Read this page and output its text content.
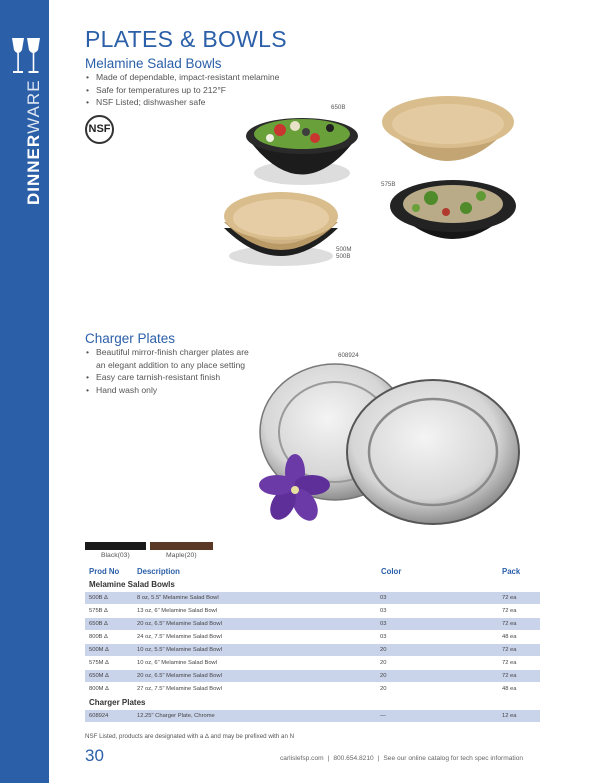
DINNERWARE
PLATES & BOWLS
Melamine Salad Bowls
• Made of dependable, impact-resistant melamine
• Safe for temperatures up to 212°F
• NSF Listed; dishwasher safe
NSF
650B
575B
500M
500B
Charger Plates
• Beautiful mirror-finish charger plates are
an elegant addition to any place setting
• Easy care tarnish-resistant finish
• Hand wash only
608924
Black(03)	Maple(20)
Prod No Description	Color	Pack
Melamine Salad Bowls
500B ∆	8 oz, 5.5" Melamine Salad Bowl	03	72 ea
575B ∆	13 oz, 6" Melamine Salad Bowl	03	72 ea
650B ∆	20 oz, 6.5" Melamine Salad Bowl	03	72 ea
800B ∆	24 oz, 7.5" Melamine Salad Bowl	03	48 ea
500M ∆	10 oz, 5.5" Melamine Salad Bowl	20	72 ea
575M ∆	10 oz, 6" Melamine Salad Bowl	20	72 ea
650M ∆	20 oz, 6.5" Melamine Salad Bowl	20	72 ea
800M ∆	27 oz, 7.5" Melamine Salad Bowl	20	48 ea
Charger Plates
608924	12.25" Charger Plate, Chrome	—	12 ea
NSF Listed, products are designated with a ∆ and may be prefixed with an N
30	carlislefsp.com | 800.654.8210 | See our online catalog for tech spec information
